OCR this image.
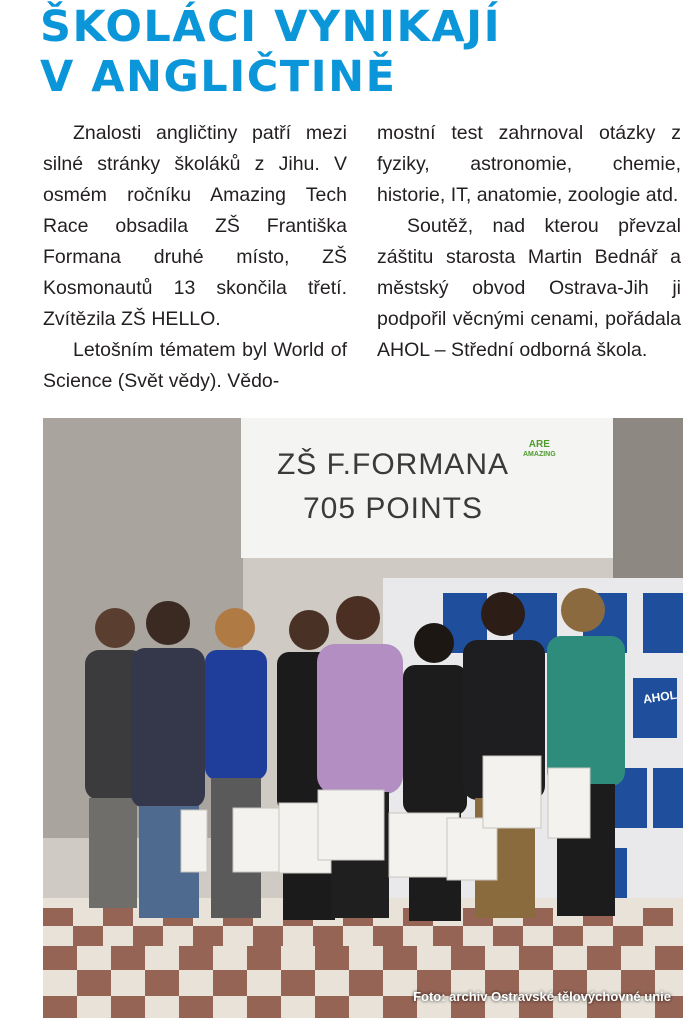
ŠKOLÁCI VYNIKAJÍ
V ANGLIČTINĚ

Znalosti angličtiny patří mezi silné stránky školáků z Jihu. V osmém ročníku Amazing Tech Race obsadila ZŠ Františka Formana druhé místo, ZŠ Kosmonautů 13 skončila třetí. Zvítězila ZŠ HELLO.

Letošním tématem byl World of Science (Svět vědy). Vědo-

mostní test zahrnoval otázky z fyziky, astronomie, chemie, historie, IT, anatomie, zoologie atd.

Soutěž, nad kterou převzal záštitu starosta Martin Bednář a městský obvod Ostrava-Jih ji podpořil věcnými cenami, pořádala AHOL – Střední odborná škola.

ZŠ F.FORMANA
705 POINTS
ARE
AMAZING
AHOL
Foto: archiv Ostravské tělovýchovné unie
